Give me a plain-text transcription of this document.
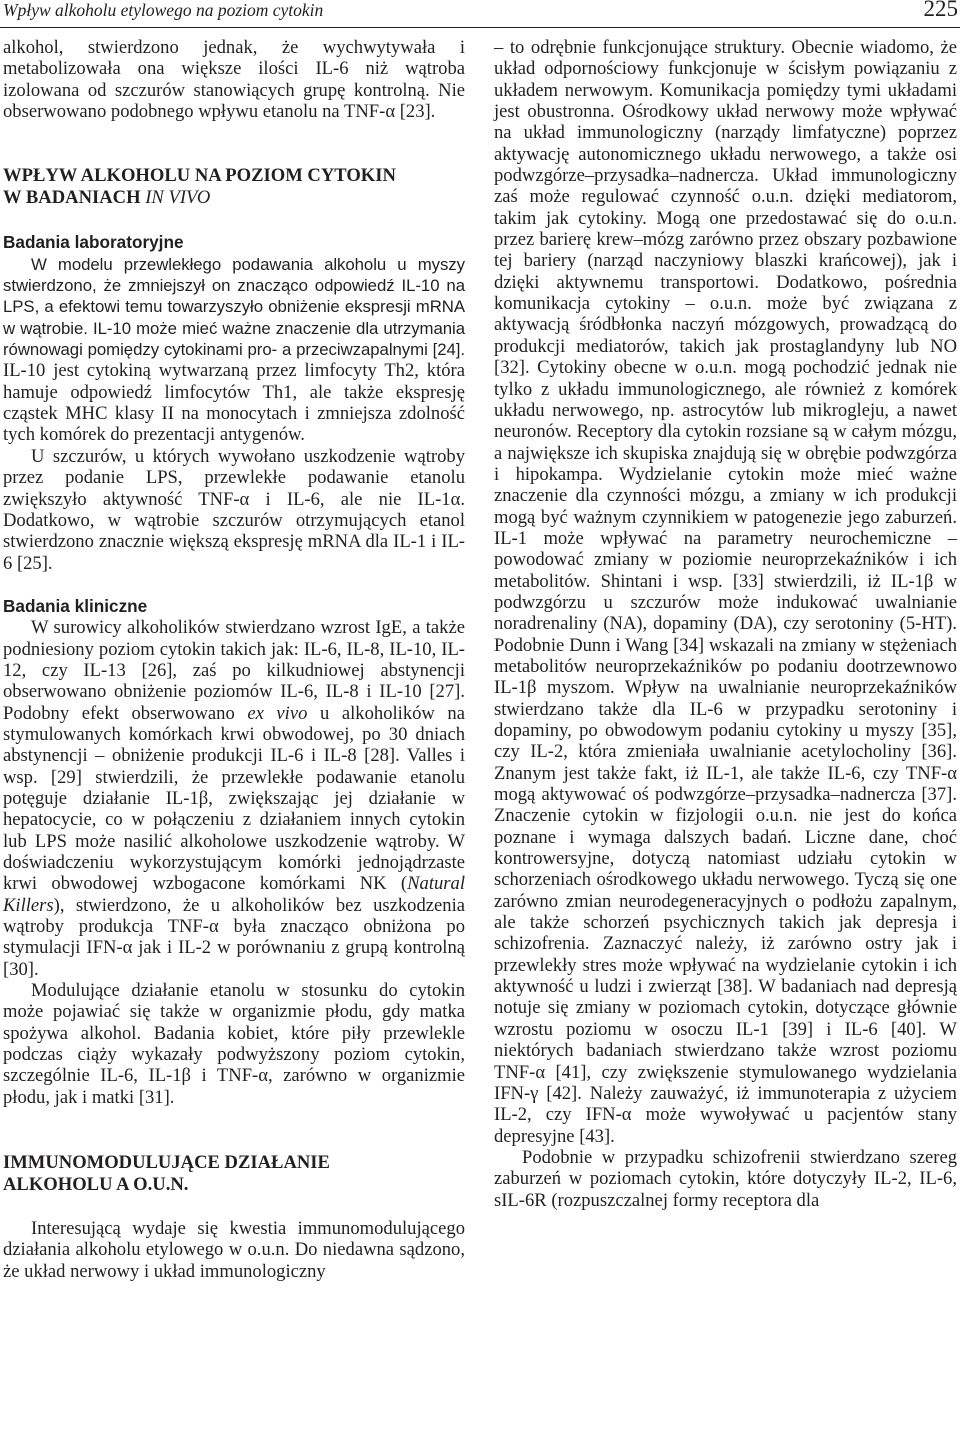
Wpływ alkoholu etylowego na poziom cytokin	225

alkohol, stwierdzono jednak, że wychwytywała i metabolizowała ona większe ilości IL-6 niż wątroba izolowana od szczurów stanowiących grupę kontrolną. Nie obserwowano podobnego wpływu etanolu na TNF-α [23].

WPŁYW ALKOHOLU NA POZIOM CYTOKIN
W BADANIACH IN VIVO
Badania laboratoryjne

W modelu przewlekłego podawania alkoholu u myszy stwierdzono, że zmniejszył on znacząco odpowiedź IL-10 na LPS, a efektowi temu towarzyszyło obniżenie ekspresji mRNA w wątrobie. IL-10 może mieć ważne znaczenie dla utrzymania równowagi pomiędzy cytokinami pro- a przeciwzapalnymi [24]. IL-10 jest cytokiną wytwarzaną przez limfocyty Th2, która hamuje odpowiedź limfocytów Th1, ale także ekspresję cząstek MHC klasy II na monocytach i zmniejsza zdolność tych komórek do prezentacji antygenów.

U szczurów, u których wywołano uszkodzenie wątroby przez podanie LPS, przewlekłe podawanie etanolu zwiększyło aktywność TNF-α i IL-6, ale nie IL-1α. Dodatkowo, w wątrobie szczurów otrzymujących etanol stwierdzono znacznie większą ekspresję mRNA dla IL-1 i IL-6 [25].

Badania kliniczne

W surowicy alkoholików stwierdzano wzrost IgE, a także podniesiony poziom cytokin takich jak: IL-6, IL-8, IL-10, IL-12, czy IL-13 [26], zaś po kilkudniowej abstynencji obserwowano obniżenie poziomów IL-6, IL-8 i IL-10 [27]. Podobny efekt obserwowano ex vivo u alkoholików na stymulowanych komórkach krwi obwodowej, po 30 dniach abstynencji – obniżenie produkcji IL-6 i IL-8 [28]. Valles i wsp. [29] stwierdzili, że przewlekłe podawanie etanolu potęguje działanie IL-1β, zwiększając jej działanie w hepatocycie, co w połączeniu z działaniem innych cytokin lub LPS może nasilić alkoholowe uszkodzenie wątroby. W doświadczeniu wykorzystującym komórki jednojądrzaste krwi obwodowej wzbogacone komórkami NK (Natural Killers), stwierdzono, że u alkoholików bez uszkodzenia wątroby produkcja TNF-α była znacząco obniżona po stymulacji IFN-α jak i IL-2 w porównaniu z grupą kontrolną [30].

Modulujące działanie etanolu w stosunku do cytokin może pojawiać się także w organizmie płodu, gdy matka spożywa alkohol. Badania kobiet, które piły przewlekle podczas ciąży wykazały podwyższony poziom cytokin, szczególnie IL-6, IL-1β i TNF-α, zarówno w organizmie płodu, jak i matki [31].

IMMUNOMODULUJĄCE DZIAŁANIE
ALKOHOLU A O.U.N.

Interesującą wydaje się kwestia immunomodulującego działania alkoholu etylowego w o.u.n. Do niedawna sądzono, że układ nerwowy i układ immunologiczny

– to odrębnie funkcjonujące struktury. Obecnie wiadomo, że układ odpornościowy funkcjonuje w ścisłym powiązaniu z układem nerwowym. Komunikacja pomiędzy tymi układami jest obustronna. Ośrodkowy układ nerwowy może wpływać na układ immunologiczny (narządy limfatyczne) poprzez aktywację autonomicznego układu nerwowego, a także osi podwzgórze–przysadka–nadnercza. Układ immunologiczny zaś może regulować czynność o.u.n. dzięki mediatorom, takim jak cytokiny. Mogą one przedostawać się do o.u.n. przez barierę krew–mózg zarówno przez obszary pozbawione tej bariery (narząd naczyniowy blaszki krańcowej), jak i dzięki aktywnemu transportowi. Dodatkowo, pośrednia komunikacja cytokiny – o.u.n. może być związana z aktywacją śródbłonka naczyń mózgowych, prowadzącą do produkcji mediatorów, takich jak prostaglandyny lub NO [32]. Cytokiny obecne w o.u.n. mogą pochodzić jednak nie tylko z układu immunologicznego, ale również z komórek układu nerwowego, np. astrocytów lub mikrogleju, a nawet neuronów. Receptory dla cytokin rozsiane są w całym mózgu, a największe ich skupiska znajdują się w obrębie podwzgórza i hipokampa. Wydzielanie cytokin może mieć ważne znaczenie dla czynności mózgu, a zmiany w ich produkcji mogą być ważnym czynnikiem w patogenezie jego zaburzeń. IL-1 może wpływać na parametry neurochemiczne – powodować zmiany w poziomie neuroprzekaźników i ich metabolitów. Shintani i wsp. [33] stwierdzili, iż IL-1β w podwzgórzu u szczurów może indukować uwalnianie noradrenaliny (NA), dopaminy (DA), czy serotoniny (5-HT). Podobnie Dunn i Wang [34] wskazali na zmiany w stężeniach metabolitów neuroprzekaźników po podaniu dootrzewnowo IL-1β myszom. Wpływ na uwalnianie neuroprzekaźników stwierdzano także dla IL-6 w przypadku serotoniny i dopaminy, po obwodowym podaniu cytokiny u myszy [35], czy IL-2, która zmieniała uwalnianie acetylocholiny [36]. Znanym jest także fakt, iż IL-1, ale także IL-6, czy TNF-α mogą aktywować oś podwzgórze–przysadka–nadnercza [37]. Znaczenie cytokin w fizjologii o.u.n. nie jest do końca poznane i wymaga dalszych badań. Liczne dane, choć kontrowersyjne, dotyczą natomiast udziału cytokin w schorzeniach ośrodkowego układu nerwowego. Tyczą się one zarówno zmian neurodegeneracyjnych o podłożu zapalnym, ale także schorzeń psychicznych takich jak depresja i schizofrenia. Zaznaczyć należy, iż zarówno ostry jak i przewlekły stres może wpływać na wydzielanie cytokin i ich aktywność u ludzi i zwierząt [38]. W badaniach nad depresją notuje się zmiany w poziomach cytokin, dotyczące głównie wzrostu poziomu w osoczu IL-1 [39] i IL-6 [40]. W niektórych badaniach stwierdzano także wzrost poziomu TNF-α [41], czy zwiększenie stymulowanego wydzielania IFN-γ [42]. Należy zauważyć, iż immunoterapia z użyciem IL-2, czy IFN-α może wywoływać u pacjentów stany depresyjne [43].

Podobnie w przypadku schizofrenii stwierdzano szereg zaburzeń w poziomach cytokin, które dotyczyły IL-2, IL-6, sIL-6R (rozpuszczalnej formy receptora dla
